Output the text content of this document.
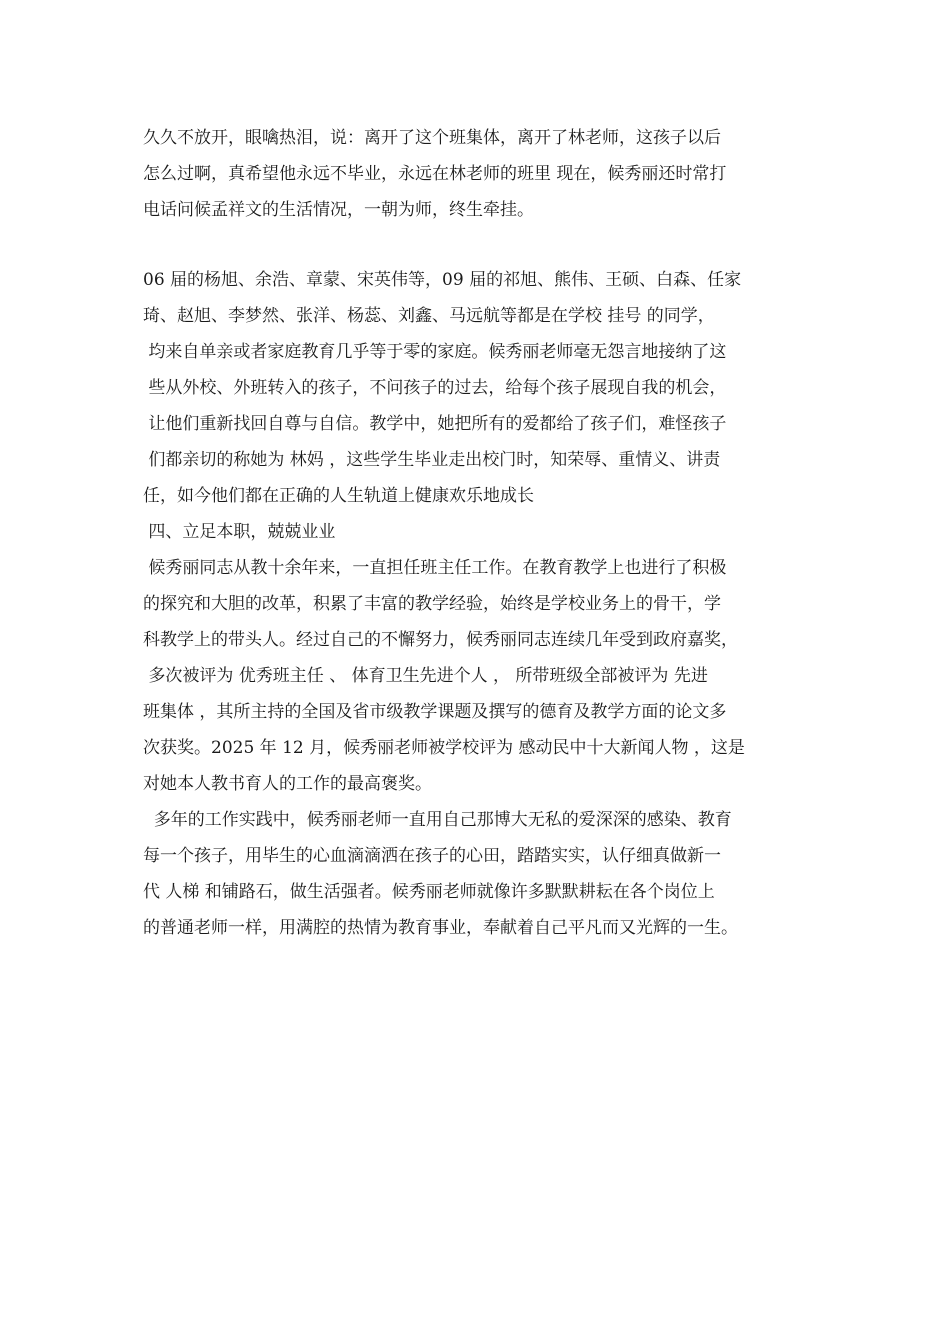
久久不放开，眼噙热泪，说：离开了这个班集体，离开了林老师，这孩子以后
怎么过啊，真希望他永远不毕业，永远在林老师的班里 现在，候秀丽还时常打
电话问候孟祥文的生活情况，一朝为师，终生牵挂。
06 届的杨旭、余浩、章蒙、宋英伟等，09 届的祁旭、熊伟、王硕、白森、任家
琦、赵旭、李梦然、张洋、杨蕊、刘鑫、马远航等都是在学校 挂号 的同学，
均来自单亲或者家庭教育几乎等于零的家庭。候秀丽老师毫无怨言地接纳了这
些从外校、外班转入的孩子，不问孩子的过去，给每个孩子展现自我的机会，
让他们重新找回自尊与自信。教学中，她把所有的爱都给了孩子们，难怪孩子
们都亲切的称她为 林妈 ，这些学生毕业走出校门时，知荣辱、重情义、讲责
任，如今他们都在正确的人生轨道上健康欢乐地成长
四、立足本职，兢兢业业
候秀丽同志从教十余年来，一直担任班主任工作。在教育教学上也进行了积极
的探究和大胆的改革，积累了丰富的教学经验，始终是学校业务上的骨干，学
科教学上的带头人。经过自己的不懈努力，候秀丽同志连续几年受到政府嘉奖，
多次被评为 优秀班主任 、 体育卫生先进个人 ， 所带班级全部被评为 先进
班集体 ，其所主持的全国及省市级教学课题及撰写的德育及教学方面的论文多
次获奖。2025 年 12 月，候秀丽老师被学校评为 感动民中十大新闻人物 ，这是
对她本人教书育人的工作的最高褒奖。
多年的工作实践中，候秀丽老师一直用自己那博大无私的爱深深的感染、教育
每一个孩子，用毕生的心血滴滴洒在孩子的心田，踏踏实实，认仔细真做新一
代 人梯 和铺路石，做生活强者。候秀丽老师就像许多默默耕耘在各个岗位上
的普通老师一样，用满腔的热情为教育事业，奉献着自己平凡而又光辉的一生。
